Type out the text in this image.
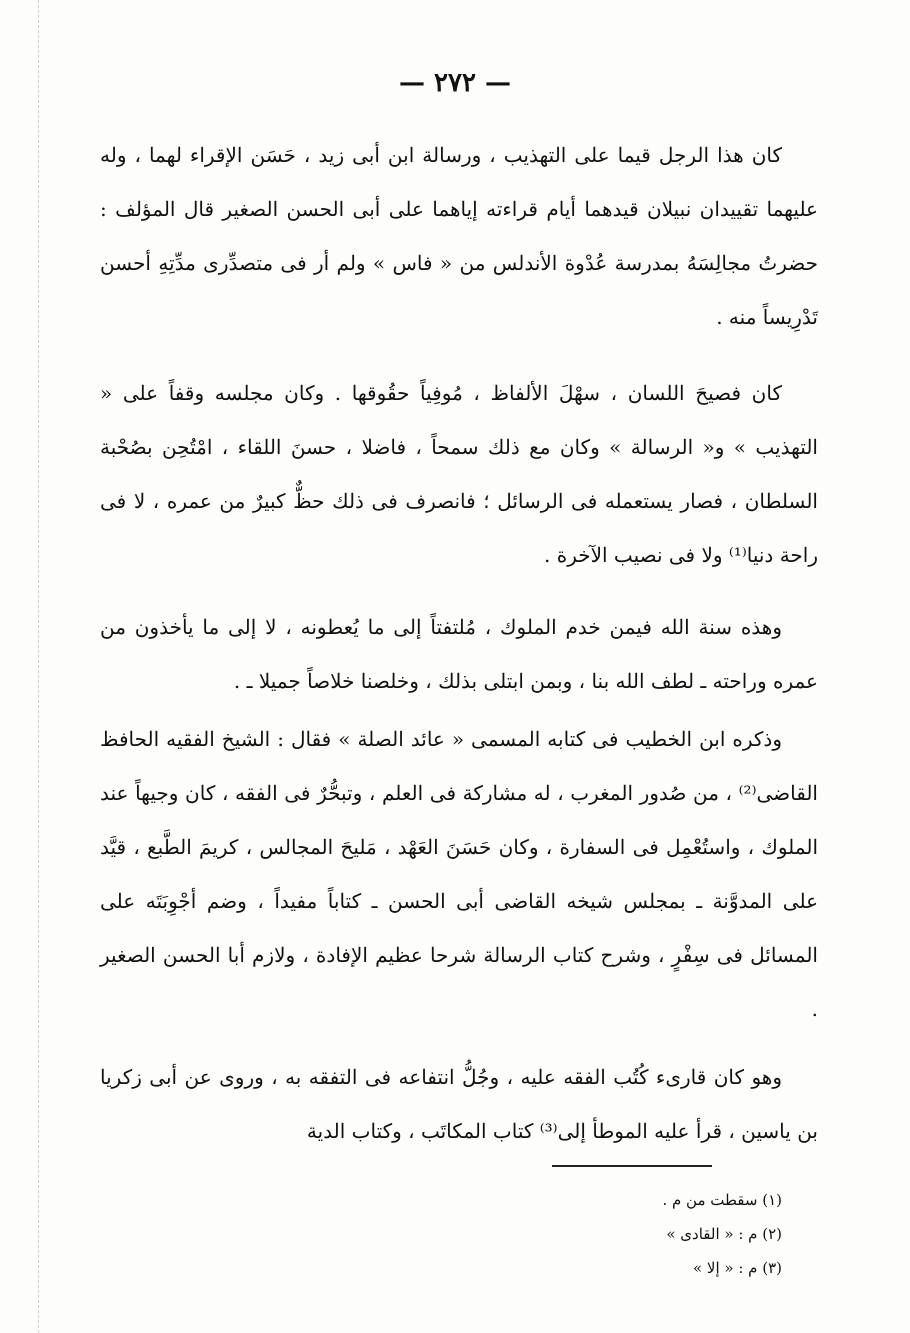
— ٢٧٢ —

كان هذا الرجل قيما على التهذيب ، ورسالة ابن أبى زيد ، حَسَن الإقراء لهما ، وله عليهما تقييدان نبيلان قيدهما أيام قراءته إياهما على أبى الحسن الصغير قال المؤلف : حضرتُ مجالِسَهُ بمدرسة عُدْوة الأندلس من « فاس » ولم أر فى متصدِّرى مدِّتِهِ أحسن تَدْرِيساً منه .

كان فصيحَ اللسان ، سهْلَ الألفاظ ، مُوفِياً حقُوقها . وكان مجلسه وقفاً على « التهذيب » و« الرسالة » وكان مع ذلك سمحاً ، فاضلا ، حسنَ اللقاء ، امْتُحِن بصُحْبة السلطان ، فصار يستعمله فى الرسائل ؛ فانصرف فى ذلك حظٌّ كبيرٌ من عمره ، لا فى راحة دنيا⁽¹⁾ ولا فى نصيب الآخرة .

وهذه سنة الله فيمن خدم الملوك ، مُلتفتاً إلى ما يُعطونه ، لا إلى ما يأخذون من عمره وراحته ـ لطف الله بنا ، وبمن ابتلى بذلك ، وخلصنا خلاصاً جميلا ـ .

وذكره ابن الخطيب فى كتابه المسمى « عائد الصلة » فقال : الشيخ الفقيه الحافظ القاضى⁽²⁾ ، من صُدور المغرب ، له مشاركة فى العلم ، وتبحُّرٌ فى الفقه ، كان وجيهاً عند الملوك ، واستُعْمِل فى السفارة ، وكان حَسَنَ العَهْد ، مَليحَ المجالس ، كريمَ الطَّبع ، قيَّد على المدوَّنة ـ بمجلس شيخه القاضى أبى الحسن ـ كتاباً مفيداً ، وضم أجْوِبَتَه على المسائل فى سِفْرٍ ، وشرح كتاب الرسالة شرحا عظيم الإفادة ، ولازم أبا الحسن الصغير .

وهو كان قارىء كُتُب الفقه عليه ، وجُلُّ انتفاعه فى التفقه به ، وروى عن أبى زكريا بن ياسين ، قرأ عليه الموطأ إلى⁽³⁾ كتاب المكاتَب ، وكتاب الدية

(١) سقطت من م .
(٢) م : « القادى »
(٣) م : « إلا »
